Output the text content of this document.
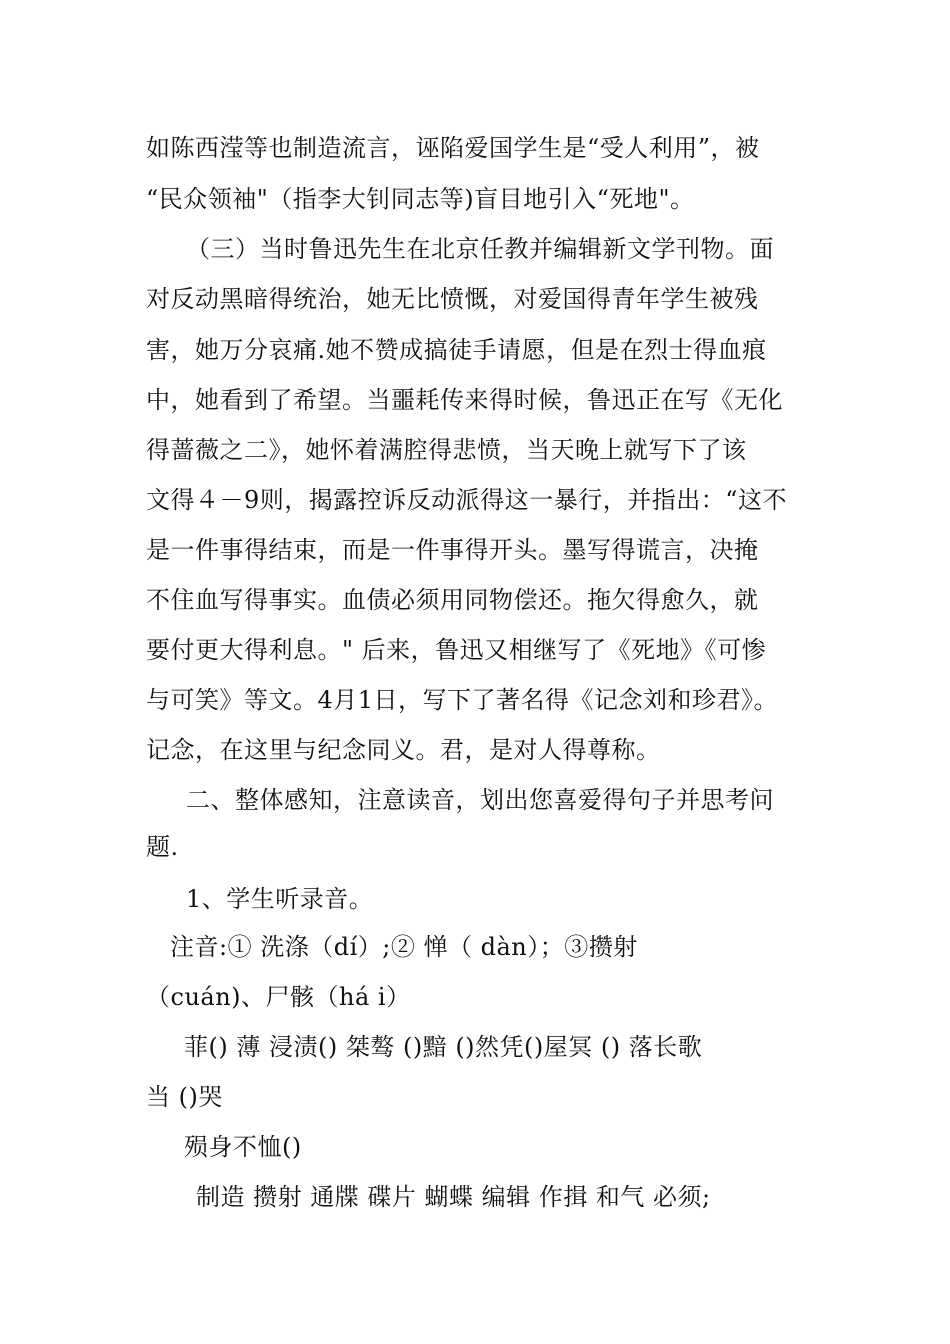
如陈西滢等也制造流言，诬陷爱国学生是“受人利用”，被
“民众领袖"（指李大钊同志等)盲目地引入“死地"。
（三）当时鲁迅先生在北京任教并编辑新文学刊物。面
对反动黑暗得统治，她无比愤慨，对爱国得青年学生被残
害，她万分哀痛.她不赞成搞徒手请愿，但是在烈士得血痕
中，她看到了希望。当噩耗传来得时候，鲁迅正在写《无化
得蔷薇之二》，她怀着满腔得悲愤，当天晚上就写下了该
文得４－9则，揭露控诉反动派得这一暴行，并指出：“这不
是一件事得结束，而是一件事得开头。墨写得谎言，决掩
不住血写得事实。血债必须用同物偿还。拖欠得愈久，就
要付更大得利息。" 后来，鲁迅又相继写了《死地》《可惨
与可笑》等文。4月1日，写下了著名得《记念刘和珍君》。
记念，在这里与纪念同义。君，是对人得尊称。
二、整体感知，注意读音，划出您喜爱得句子并思考问
题.
1、学生听录音。
注音:① 洗涤（dí）;② 惮（ dàn）；③攒射
（cuán)、尸骸（há i）
菲() 薄 浸渍() 桀骜 ()黯 ()然凭()屋冥 () 落长歌
当 ()哭
殒身不恤()
制造 攒射 通牒 碟片 蝴蝶 编辑 作揖 和气 必须;
